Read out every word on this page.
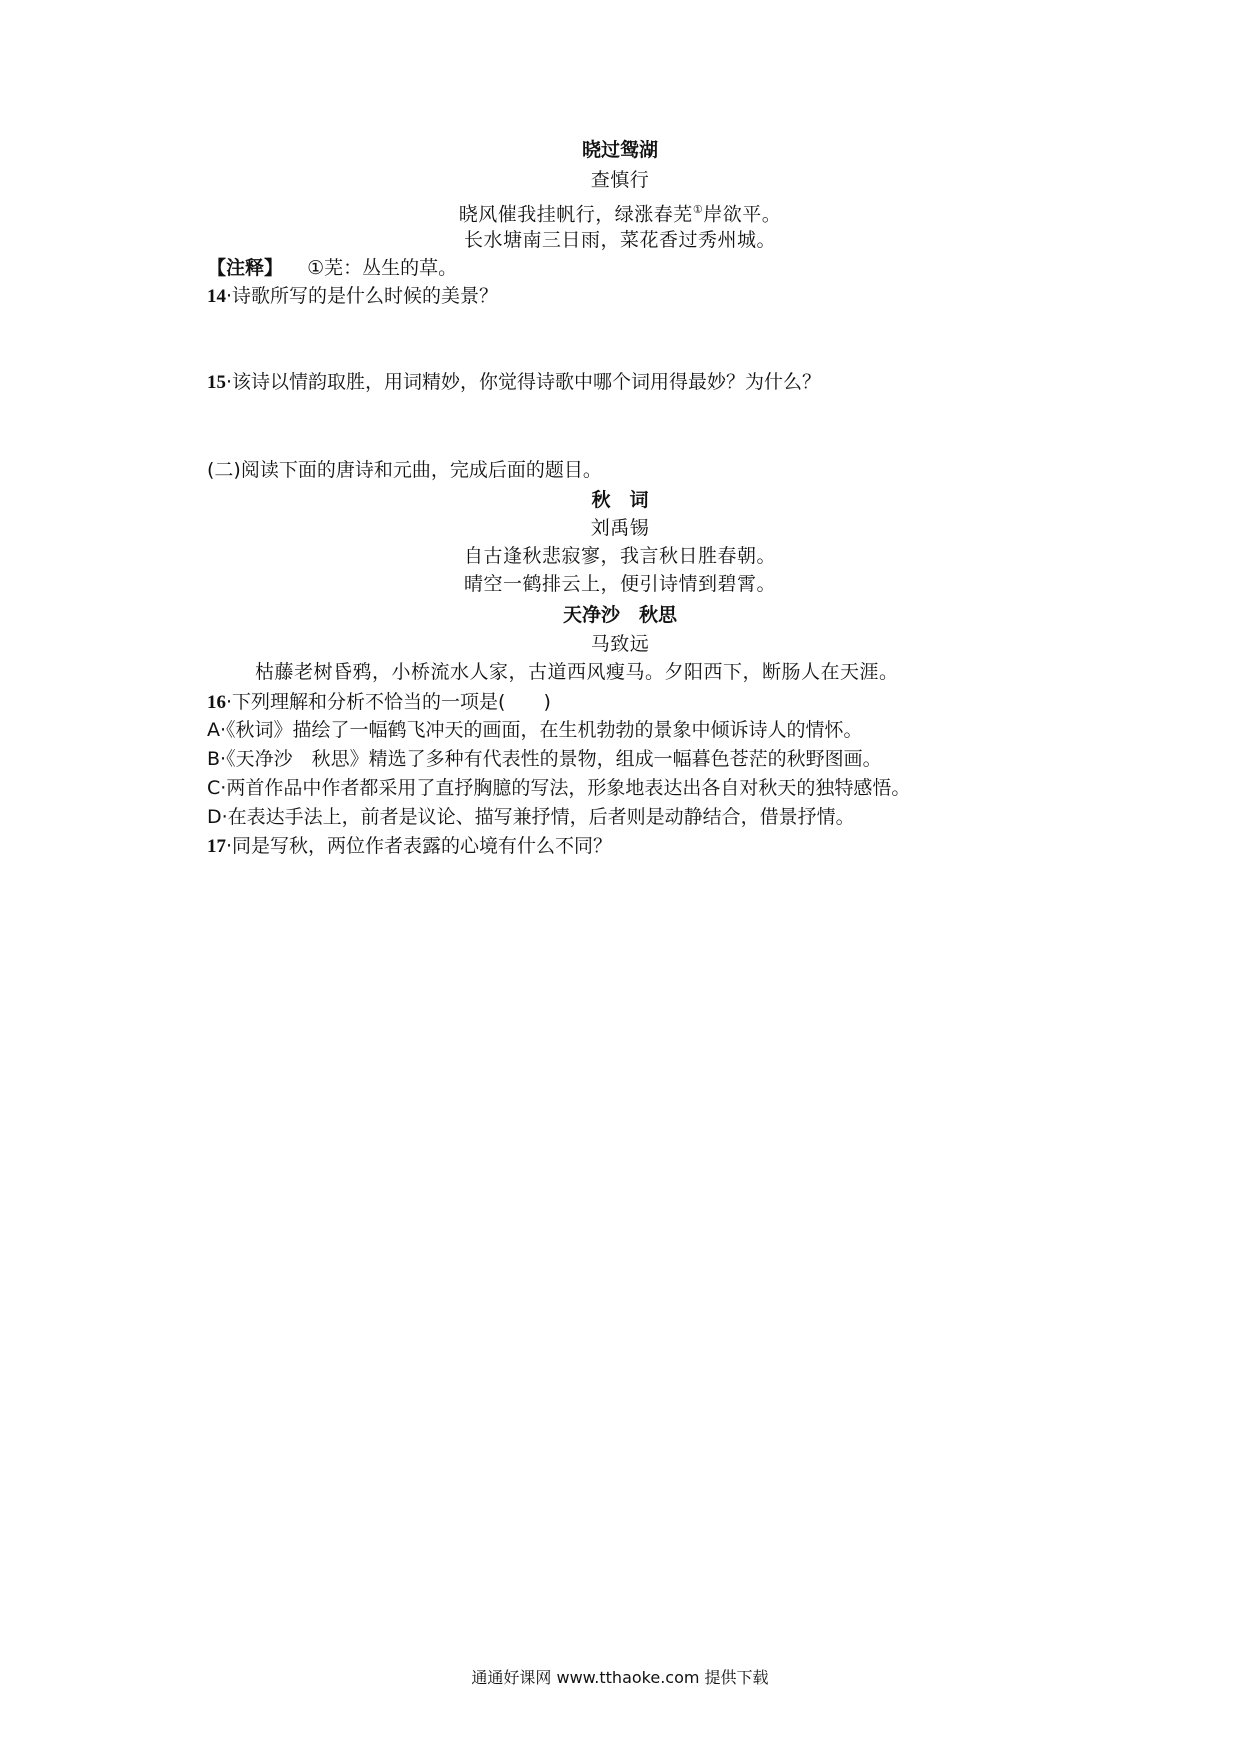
晓过鸳湖
查慎行
晓风催我挂帆行，绿涨春芜①岸欲平。
长水塘南三日雨，菜花香过秀州城。
【注释】 ①芜：丛生的草。
14·诗歌所写的是什么时候的美景？
15·该诗以情韵取胜，用词精妙，你觉得诗歌中哪个词用得最妙？为什么？
(二)阅读下面的唐诗和元曲，完成后面的题目。
秋　词
刘禹锡
自古逢秋悲寂寥，我言秋日胜春朝。
晴空一鹤排云上，便引诗情到碧霄。
天净沙　秋思
马致远
枯藤老树昏鸦，小桥流水人家，古道西风瘦马。夕阳西下，断肠人在天涯。
16·下列理解和分析不恰当的一项是(　　)
A·《秋词》描绘了一幅鹤飞冲天的画面，在生机勃勃的景象中倾诉诗人的情怀。
B·《天净沙　秋思》精选了多种有代表性的景物，组成一幅暮色苍茫的秋野图画。
C·两首作品中作者都采用了直抒胸臆的写法，形象地表达出各自对秋天的独特感悟。
D·在表达手法上，前者是议论、描写兼抒情，后者则是动静结合，借景抒情。
17·同是写秋，两位作者表露的心境有什么不同？
通通好课网 www.tthaoke.com 提供下载
